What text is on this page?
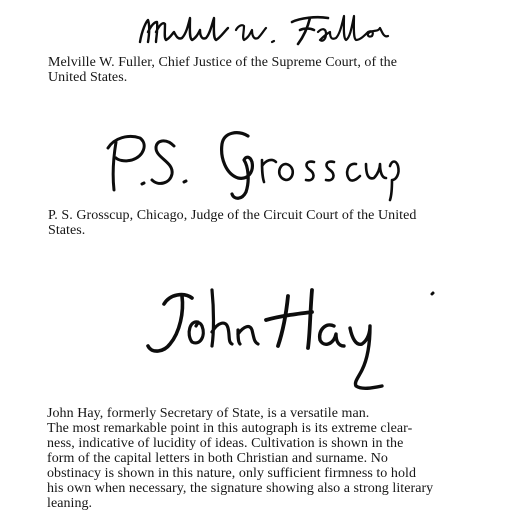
Melville W. Fuller, Chief Justice of the Supreme Court, of the
United States.

P. S. Grosscup, Chicago, Judge of the Circuit Court of the United
States.

John Hay, formerly Secretary of State, is a versatile man.
The most remarkable point in this autograph is its extreme clear-
ness, indicative of lucidity of ideas. Cultivation is shown in the
form of the capital letters in both Christian and surname. No
obstinacy is shown in this nature, only sufficient firmness to hold
his own when necessary, the signature showing also a strong literary
leaning.
